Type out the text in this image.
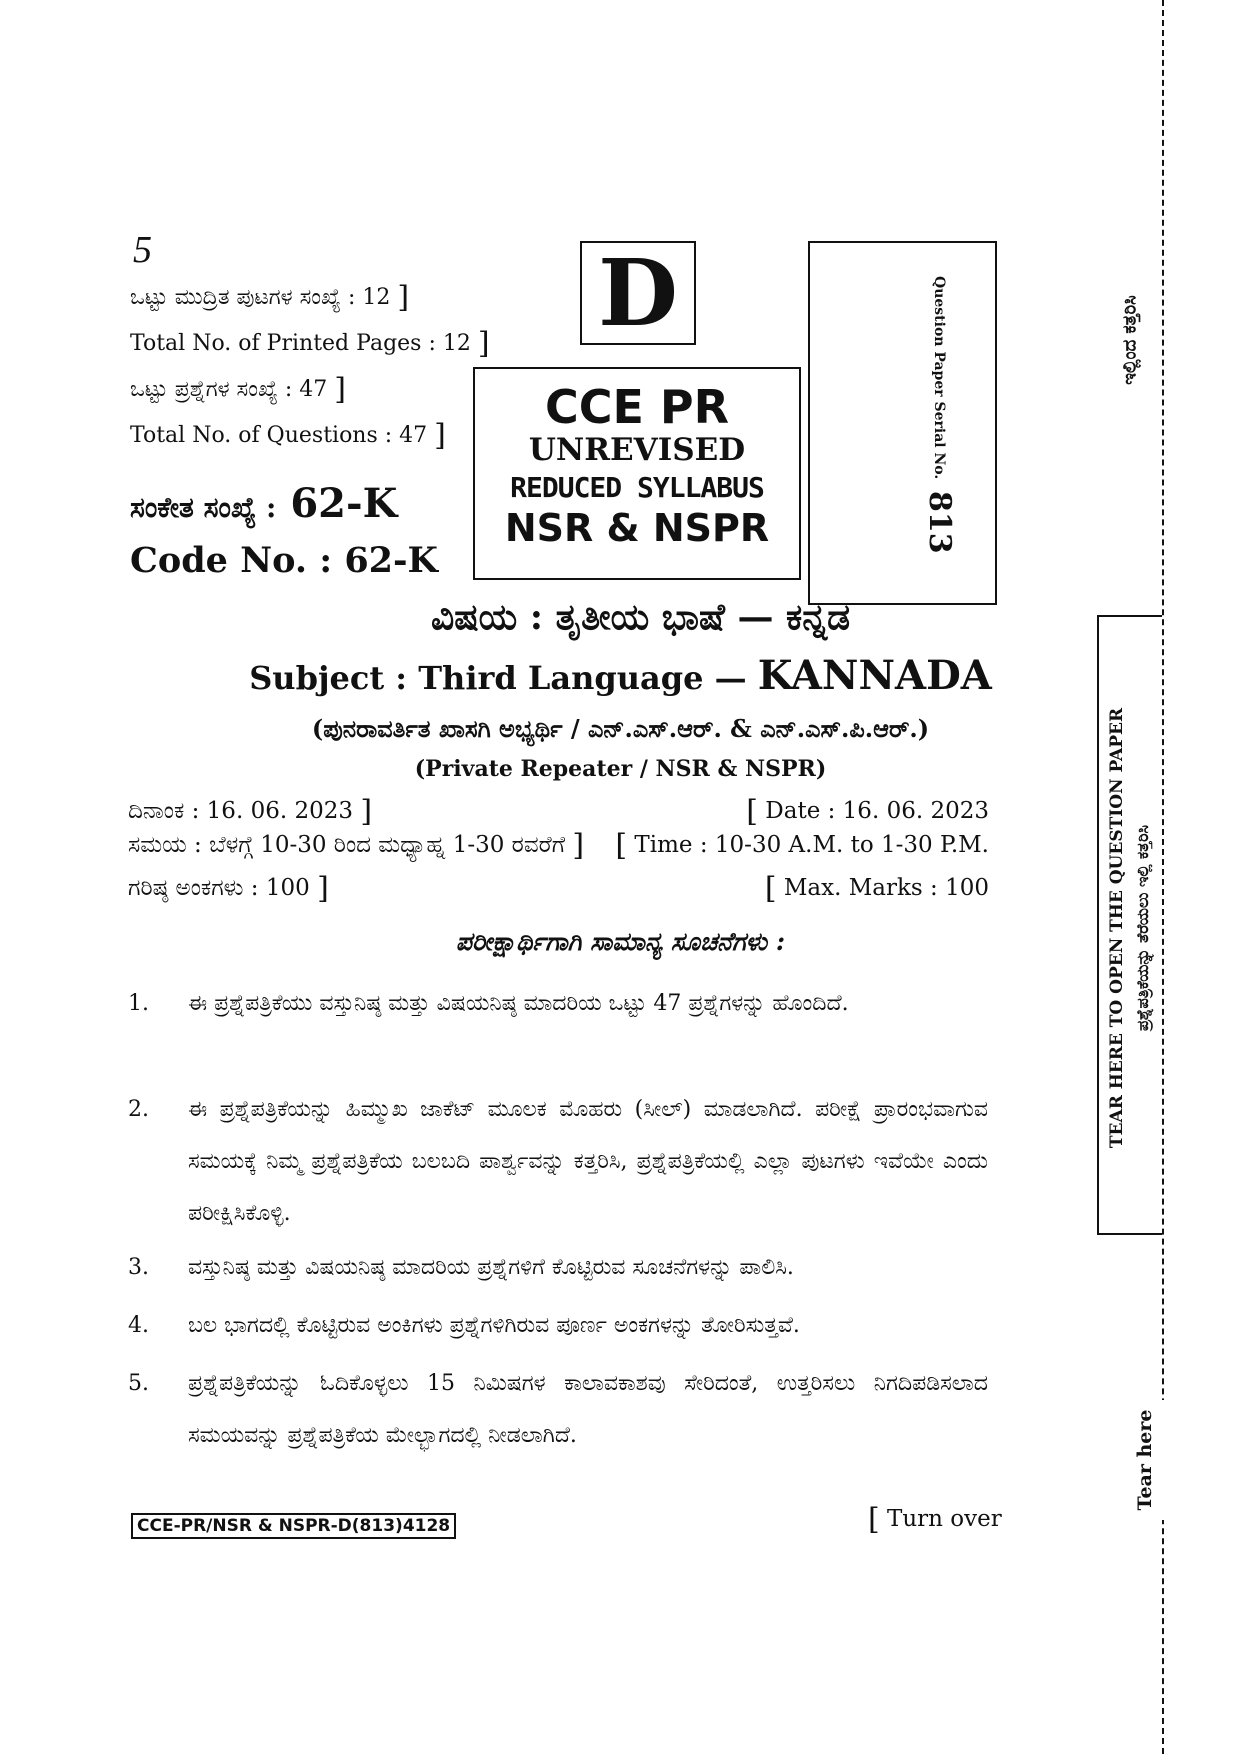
5
ಒಟ್ಟು ಮುದ್ರಿತ ಪುಟಗಳ ಸಂಖ್ಯೆ : 12 ]
Total No. of Printed Pages : 12 ]
ಒಟ್ಟು ಪ್ರಶ್ನೆಗಳ ಸಂಖ್ಯೆ : 47 ]
Total No. of Questions : 47 ]
ಸಂಕೇತ ಸಂಖ್ಯೆ : 62-K
Code No. : 62-K
D
CCE PR
UNREVISED
REDUCED SYLLABUS
NSR & NSPR
Question Paper Serial No. 813
ವಿಷಯ : ತೃತೀಯ ಭಾಷೆ — ಕನ್ನಡ
Subject : Third Language — KANNADA
(ಪುನರಾವರ್ತಿತ ಖಾಸಗಿ ಅಭ್ಯರ್ಥಿ / ಎನ್.ಎಸ್.ಆರ್. & ಎನ್.ಎಸ್.ಪಿ.ಆರ್.)
(Private Repeater / NSR & NSPR)
ದಿನಾಂಕ : 16. 06. 2023 ]	[ Date : 16. 06. 2023
ಸಮಯ : ಬೆಳಗ್ಗೆ 10-30 ರಿಂದ ಮಧ್ಯಾಹ್ನ 1-30 ರವರೆಗೆ ] [ Time : 10-30 A.M. to 1-30 P.M.
ಗರಿಷ್ಠ ಅಂಕಗಳು : 100 ]	[ Max. Marks : 100
ಪರೀಕ್ಷಾರ್ಥಿಗಾಗಿ ಸಾಮಾನ್ಯ ಸೂಚನೆಗಳು :
1. ಈ ಪ್ರಶ್ನೆಪತ್ರಿಕೆಯು ವಸ್ತುನಿಷ್ಠ ಮತ್ತು ವಿಷಯನಿಷ್ಠ ಮಾದರಿಯ ಒಟ್ಟು 47 ಪ್ರಶ್ನೆಗಳನ್ನು ಹೊಂದಿದೆ.
2. ಈ ಪ್ರಶ್ನೆಪತ್ರಿಕೆಯನ್ನು ಹಿಮ್ಮುಖ ಜಾಕೆಟ್ ಮೂಲಕ ಮೊಹರು (ಸೀಲ್) ಮಾಡಲಾಗಿದೆ. ಪರೀಕ್ಷೆ ಪ್ರಾರಂಭವಾಗುವ ಸಮಯಕ್ಕೆ ನಿಮ್ಮ ಪ್ರಶ್ನೆಪತ್ರಿಕೆಯ ಬಲಬದಿ ಪಾರ್ಶ್ವವನ್ನು ಕತ್ತರಿಸಿ, ಪ್ರಶ್ನೆಪತ್ರಿಕೆಯಲ್ಲಿ ಎಲ್ಲಾ ಪುಟಗಳು ಇವೆಯೇ ಎಂದು ಪರೀಕ್ಷಿಸಿಕೊಳ್ಳಿ.
3. ವಸ್ತುನಿಷ್ಠ ಮತ್ತು ವಿಷಯನಿಷ್ಠ ಮಾದರಿಯ ಪ್ರಶ್ನೆಗಳಿಗೆ ಕೊಟ್ಟಿರುವ ಸೂಚನೆಗಳನ್ನು ಪಾಲಿಸಿ.
4. ಬಲ ಭಾಗದಲ್ಲಿ ಕೊಟ್ಟಿರುವ ಅಂಕಿಗಳು ಪ್ರಶ್ನೆಗಳಿಗಿರುವ ಪೂರ್ಣ ಅಂಕಗಳನ್ನು ತೋರಿಸುತ್ತವೆ.
5. ಪ್ರಶ್ನೆಪತ್ರಿಕೆಯನ್ನು ಓದಿಕೊಳ್ಳಲು 15 ನಿಮಿಷಗಳ ಕಾಲಾವಕಾಶವು ಸೇರಿದಂತೆ, ಉತ್ತರಿಸಲು ನಿಗದಿಪಡಿಸಲಾದ ಸಮಯವನ್ನು ಪ್ರಶ್ನೆಪತ್ರಿಕೆಯ ಮೇಲ್ಭಾಗದಲ್ಲಿ ನೀಡಲಾಗಿದೆ.
CCE-PR/NSR & NSPR-D(813)4128	[ Turn over
ಇಲ್ಲಿಂದ ಕತ್ತರಿಸಿ
TEAR HERE TO OPEN THE QUESTION PAPER ಪ್ರಶ್ನೆಪತ್ರಿಕೆಯನ್ನು ತೆರೆಯಲು ಇಲ್ಲಿ ಕತ್ತರಿಸಿ
Tear here
